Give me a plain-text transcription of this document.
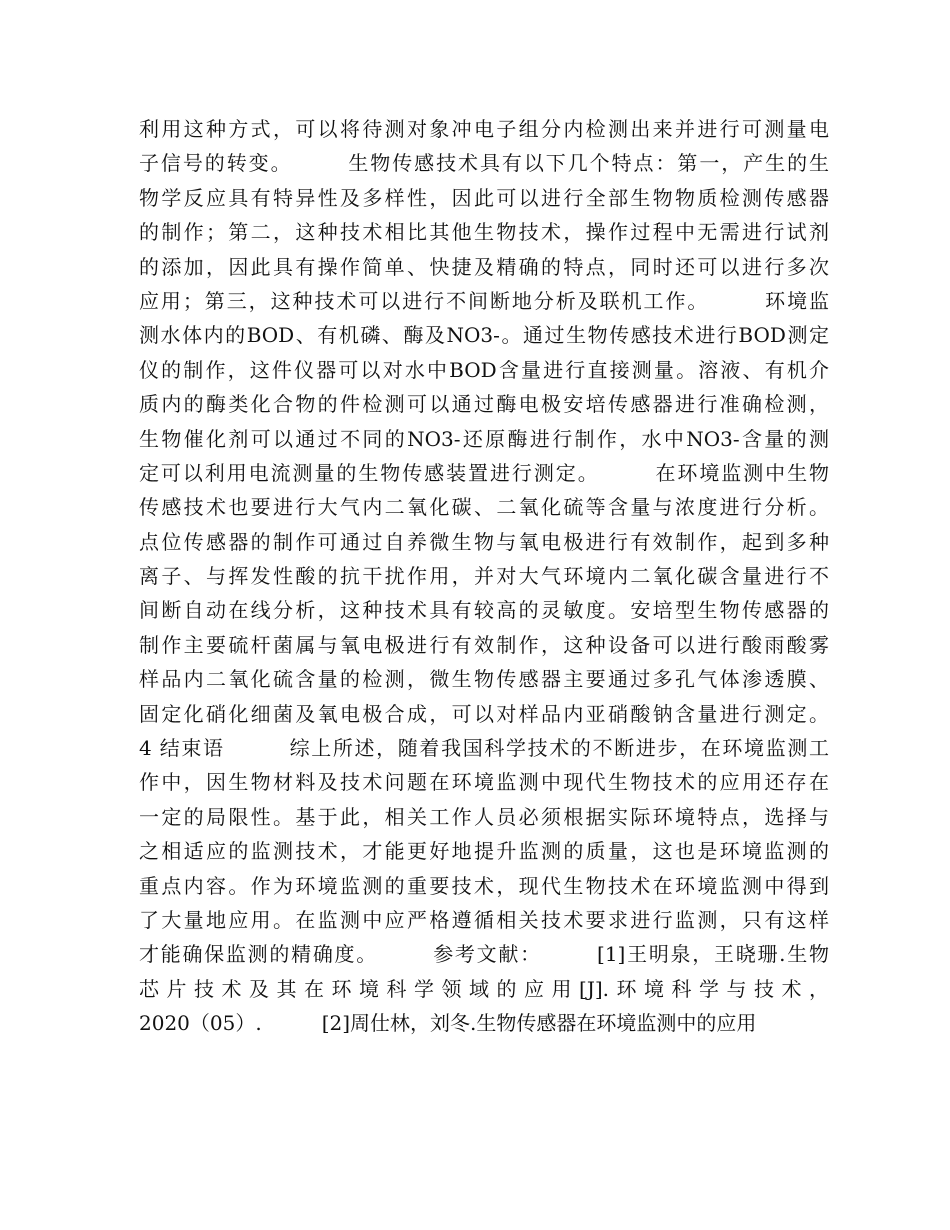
利用这种方式，可以将待测对象冲电子组分内检测出来并进行可测量电
子信号的转变。　　　生物传感技术具有以下几个特点：第一，产生的生
物学反应具有特异性及多样性，因此可以进行全部生物物质检测传感器
的制作；第二，这种技术相比其他生物技术，操作过程中无需进行试剂
的添加，因此具有操作简单、快捷及精确的特点，同时还可以进行多次
应用；第三，这种技术可以进行不间断地分析及联机工作。　　　环境监
测水体内的BOD、有机磷、酶及NO3-。通过生物传感技术进行BOD测定
仪的制作，这件仪器可以对水中BOD含量进行直接测量。溶液、有机介
质内的酶类化合物的件检测可以通过酶电极安培传感器进行准确检测，
生物催化剂可以通过不同的NO3-还原酶进行制作，水中NO3-含量的测
定可以利用电流测量的生物传感装置进行测定。　　　在环境监测中生物
传感技术也要进行大气内二氧化碳、二氧化硫等含量与浓度进行分析。
点位传感器的制作可通过自养微生物与氧电极进行有效制作，起到多种
离子、与挥发性酸的抗干扰作用，并对大气环境内二氧化碳含量进行不
间断自动在线分析，这种技术具有较高的灵敏度。安培型生物传感器的
制作主要硫杆菌属与氧电极进行有效制作，这种设备可以进行酸雨酸雾
样品内二氧化硫含量的检测，微生物传感器主要通过多孔气体渗透膜、
固定化硝化细菌及氧电极合成，可以对样品内亚硝酸钠含量进行测定。
4 结束语　　　综上所述，随着我国科学技术的不断进步，在环境监测工
作中，因生物材料及技术问题在环境监测中现代生物技术的应用还存在
一定的局限性。基于此，相关工作人员必须根据实际环境特点，选择与
之相适应的监测技术，才能更好地提升监测的质量，这也是环境监测的
重点内容。作为环境监测的重要技术，现代生物技术在环境监测中得到
了大量地应用。在监测中应严格遵循相关技术要求进行监测，只有这样
才能确保监测的精确度。　　　参考文献：　　　[1]王明泉，王晓珊.生物
芯片技术及其在环境科学领域的应用[J].环境科学与技术，
2020（05）.　　　[2]周仕林，刘冬.生物传感器在环境监测中的应用
